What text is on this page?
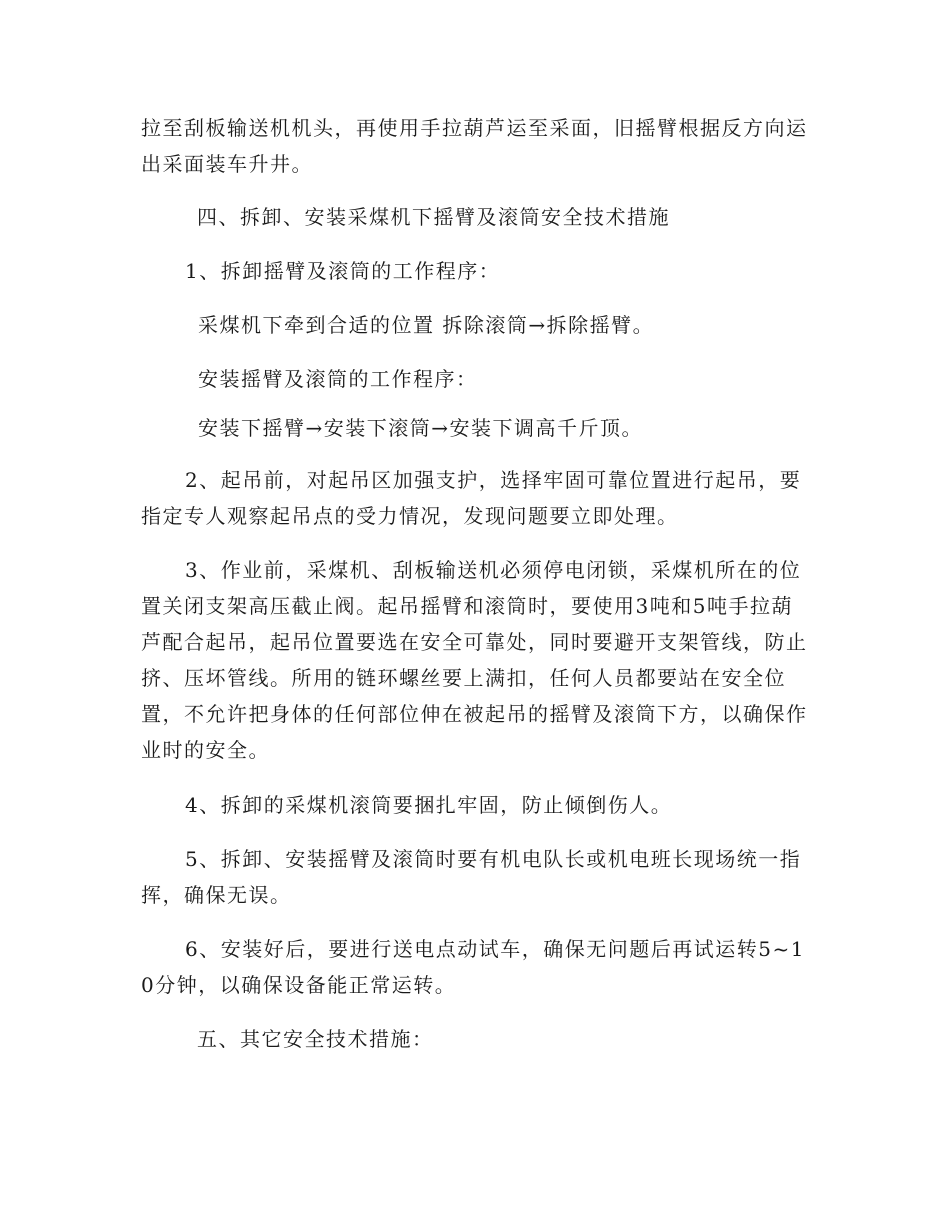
拉至刮板输送机机头，再使用手拉葫芦运至采面，旧摇臂根据反方向运出采面装车升井。

四、拆卸、安装采煤机下摇臂及滚筒安全技术措施

1、拆卸摇臂及滚筒的工作程序：

采煤机下牵到合适的位置 拆除滚筒→拆除摇臂。

安装摇臂及滚筒的工作程序：

安装下摇臂→安装下滚筒→安装下调高千斤顶。

2、起吊前，对起吊区加强支护，选择牢固可靠位置进行起吊，要指定专人观察起吊点的受力情况，发现问题要立即处理。

3、作业前，采煤机、刮板输送机必须停电闭锁，采煤机所在的位置关闭支架高压截止阀。起吊摇臂和滚筒时，要使用3吨和5吨手拉葫芦配合起吊，起吊位置要选在安全可靠处，同时要避开支架管线，防止挤、压坏管线。所用的链环螺丝要上满扣，任何人员都要站在安全位置，不允许把身体的任何部位伸在被起吊的摇臂及滚筒下方，以确保作业时的安全。

4、拆卸的采煤机滚筒要捆扎牢固，防止倾倒伤人。

5、拆卸、安装摇臂及滚筒时要有机电队长或机电班长现场统一指挥，确保无误。

6、安装好后，要进行送电点动试车，确保无问题后再试运转5~10分钟，以确保设备能正常运转。

五、其它安全技术措施：
